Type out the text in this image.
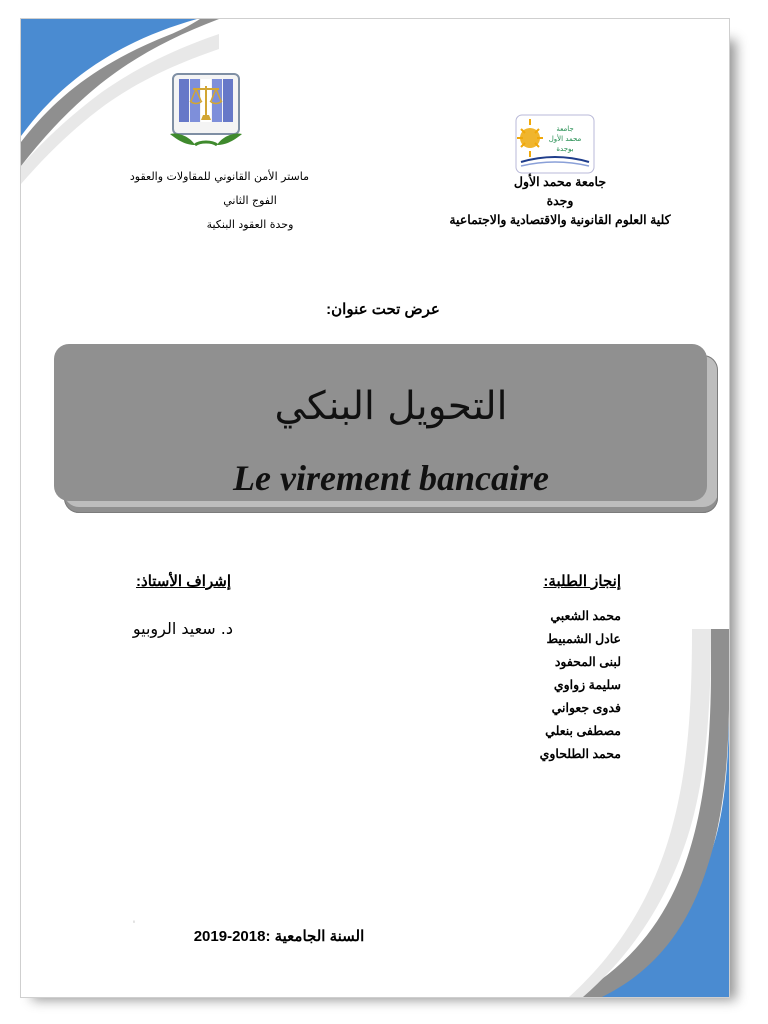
جامعة
محمد الأول
بوجدة
ماستر الأمن القانوني للمقاولات والعقود
الفوج الثاني
وحدة العقود البنكية
جامعة محمد الأول
وجدة
كلية العلوم القانونية والاقتصادية والاجتماعية
عرض تحت عنوان:
التحويل البنكي
Le virement bancaire
إشراف الأستاذ:
د. سعيد الروبيو
إنجاز الطلبة:
محمد الشعبي
عادل الشمبيط
لبنى المحفود
سليمة زواوي
فدوى جعواني
مصطفى بنعلي
محمد الطلحاوي
'
السنة الجامعية :2018-2019
